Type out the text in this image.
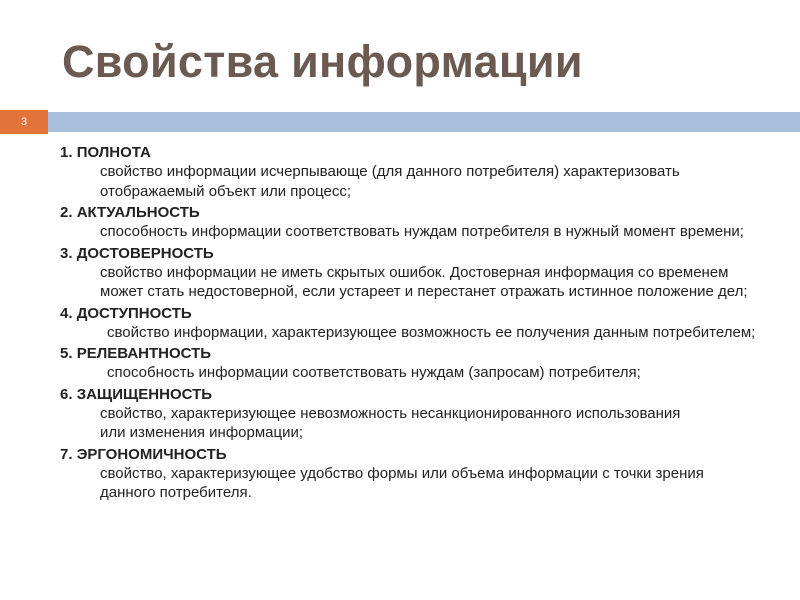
Свойства информации
3
1. ПОЛНОТА
свойство информации исчерпывающе (для данного потребителя) характеризовать отображаемый объект или процесс;
2. АКТУАЛЬНОСТЬ
способность информации соответствовать нуждам потребителя в нужный момент времени;
3. ДОСТОВЕРНОСТЬ
свойство информации не иметь скрытых ошибок. Достоверная информация со временем может стать недостоверной, если устареет и перестанет отражать истинное положение дел;
4. ДОСТУПНОСТЬ
свойство информации, характеризующее возможность ее получения данным потребителем;
5. РЕЛЕВАНТНОСТЬ
способность информации соответствовать нуждам (запросам) потребителя;
6. ЗАЩИЩЕННОСТЬ
свойство, характеризующее невозможность несанкционированного использования или изменения информации;
7. ЭРГОНОМИЧНОСТЬ
свойство, характеризующее удобство формы или объема информации с точки зрения данного потребителя.
